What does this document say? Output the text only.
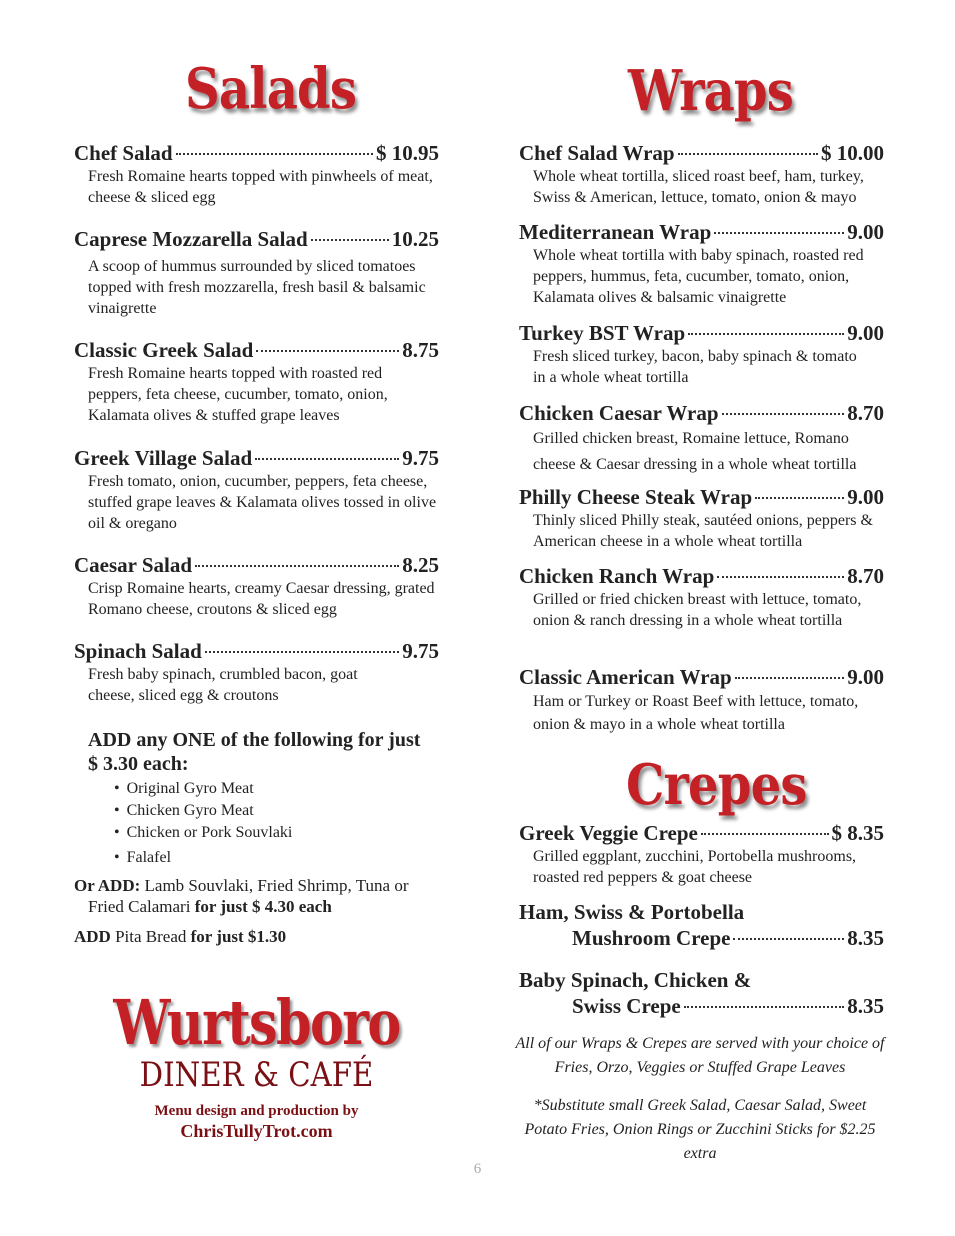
Salads
Chef Salad	$ 10.95
Fresh Romaine hearts topped with pinwheels of meat, cheese & sliced egg
Caprese Mozzarella Salad	10.25
A scoop of hummus surrounded by sliced tomatoes topped with fresh mozzarella, fresh basil & balsamic vinaigrette
Classic Greek Salad	8.75
Fresh Romaine hearts topped with roasted red peppers, feta cheese, cucumber, tomato, onion, Kalamata olives & stuffed grape leaves
Greek Village Salad	9.75
Fresh tomato, onion, cucumber, peppers, feta cheese, stuffed grape leaves & Kalamata olives tossed in olive oil & oregano
Caesar Salad	8.25
Crisp Romaine hearts, creamy Caesar dressing, grated Romano cheese, croutons & sliced egg
Spinach Salad	9.75
Fresh baby spinach, crumbled bacon, goat cheese, sliced egg & croutons
ADD any ONE of the following for just $ 3.30 each:
• Original Gyro Meat
• Chicken Gyro Meat
• Chicken or Pork Souvlaki
• Falafel
Or ADD: Lamb Souvlaki, Fried Shrimp, Tuna or Fried Calamari for just $ 4.30 each
ADD Pita Bread for just $1.30
Wurtsboro
DINER & CAFÉ
Menu design and production by
ChrisTullyTrot.com
Wraps
Chef Salad Wrap	$ 10.00
Whole wheat tortilla, sliced roast beef, ham, turkey, Swiss & American, lettuce, tomato, onion & mayo
Mediterranean Wrap	9.00
Whole wheat tortilla with baby spinach, roasted red peppers, hummus, feta, cucumber, tomato, onion, Kalamata olives & balsamic vinaigrette
Turkey BST Wrap	9.00
Fresh sliced turkey, bacon, baby spinach & tomato in a whole wheat tortilla
Chicken Caesar Wrap	8.70
Grilled chicken breast, Romaine lettuce, Romano cheese & Caesar dressing in a whole wheat tortilla
Philly Cheese Steak Wrap	9.00
Thinly sliced Philly steak, sautéed onions, peppers & American cheese in a whole wheat tortilla
Chicken Ranch Wrap	8.70
Grilled or fried chicken breast with lettuce, tomato, onion & ranch dressing in a whole wheat tortilla
Classic American Wrap	9.00
Ham or Turkey or Roast Beef with lettuce, tomato, onion & mayo in a whole wheat tortilla
Crepes
Greek Veggie Crepe	$ 8.35
Grilled eggplant, zucchini, Portobella mushrooms, roasted red peppers & goat cheese
Ham, Swiss & Portobella
Mushroom Crepe	8.35
Baby Spinach, Chicken &
Swiss Crepe	8.35
All of our Wraps & Crepes are served with your choice of Fries, Orzo, Veggies or Stuffed Grape Leaves
*Substitute small Greek Salad, Caesar Salad, Sweet Potato Fries, Onion Rings or Zucchini Sticks for $2.25 extra
6
